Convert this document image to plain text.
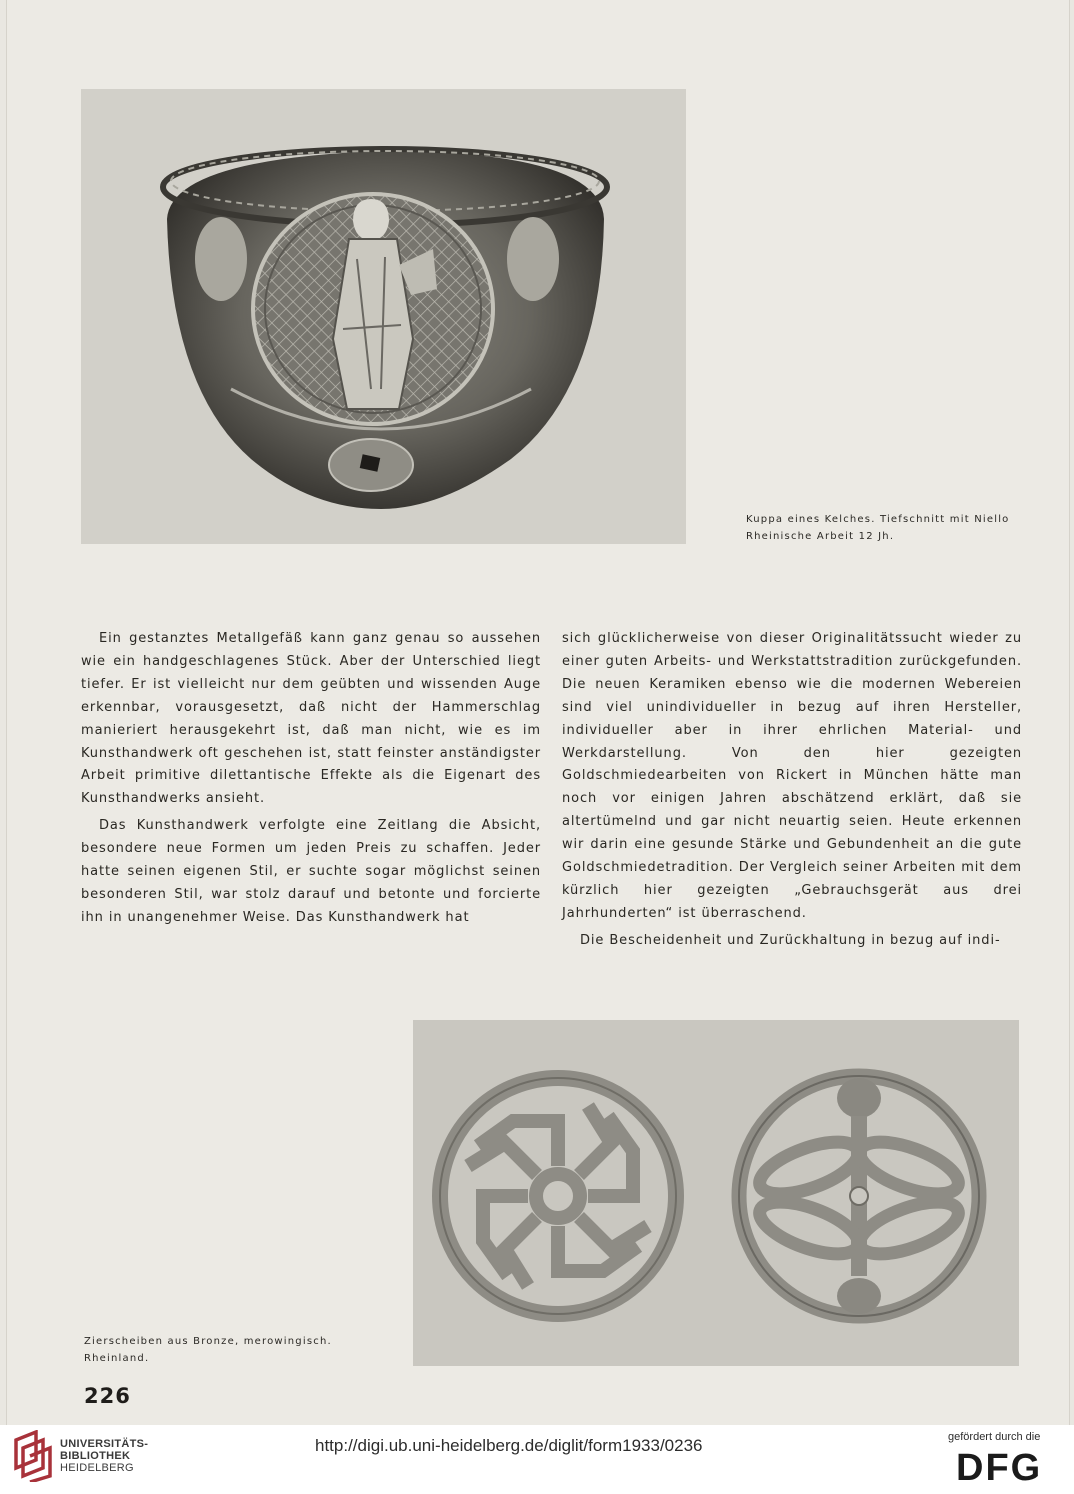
Kuppa eines Kelches. Tiefschnitt mit Niello
Rheinische Arbeit 12 Jh.

Ein gestanztes Metallgefäß kann ganz genau so aussehen wie ein handgeschlagenes Stück. Aber der Unterschied liegt tiefer. Er ist vielleicht nur dem geübten und wissenden Auge erkennbar, vorausgesetzt, daß nicht der Hammerschlag manieriert herausgekehrt ist, daß man nicht, wie es im Kunsthandwerk oft geschehen ist, statt feinster anständigster Arbeit primitive dilettantische Effekte als die Eigenart des Kunsthandwerks ansieht.

Das Kunsthandwerk verfolgte eine Zeitlang die Absicht, besondere neue Formen um jeden Preis zu schaffen. Jeder hatte seinen eigenen Stil, er suchte sogar möglichst seinen besonderen Stil, war stolz darauf und betonte und forcierte ihn in unangenehmer Weise. Das Kunsthandwerk hat

sich glücklicherweise von dieser Originalitätssucht wieder zu einer guten Arbeits- und Werkstattstradition zurückgefunden. Die neuen Keramiken ebenso wie die modernen Webereien sind viel unindividueller in bezug auf ihren Hersteller, individueller aber in ihrer ehrlichen Material- und Werkdarstellung. Von den hier gezeigten Goldschmiedearbeiten von Rickert in München hätte man noch vor einigen Jahren abschätzend erklärt, daß sie altertümelnd und gar nicht neuartig seien. Heute erkennen wir darin eine gesunde Stärke und Gebundenheit an die gute Goldschmiedetradition. Der Vergleich seiner Arbeiten mit dem kürzlich hier gezeigten „Gebrauchsgerät aus drei Jahrhunderten“ ist überraschend.

Die Bescheidenheit und Zurückhaltung in bezug auf indi-

Zierscheiben aus Bronze, merowingisch.
Rheinland.
226
UNIVERSITÄTS-
BIBLIOTHEK
HEIDELBERG
http://digi.ub.uni-heidelberg.de/diglit/form1933/0236	gefördert durch die
DFG
